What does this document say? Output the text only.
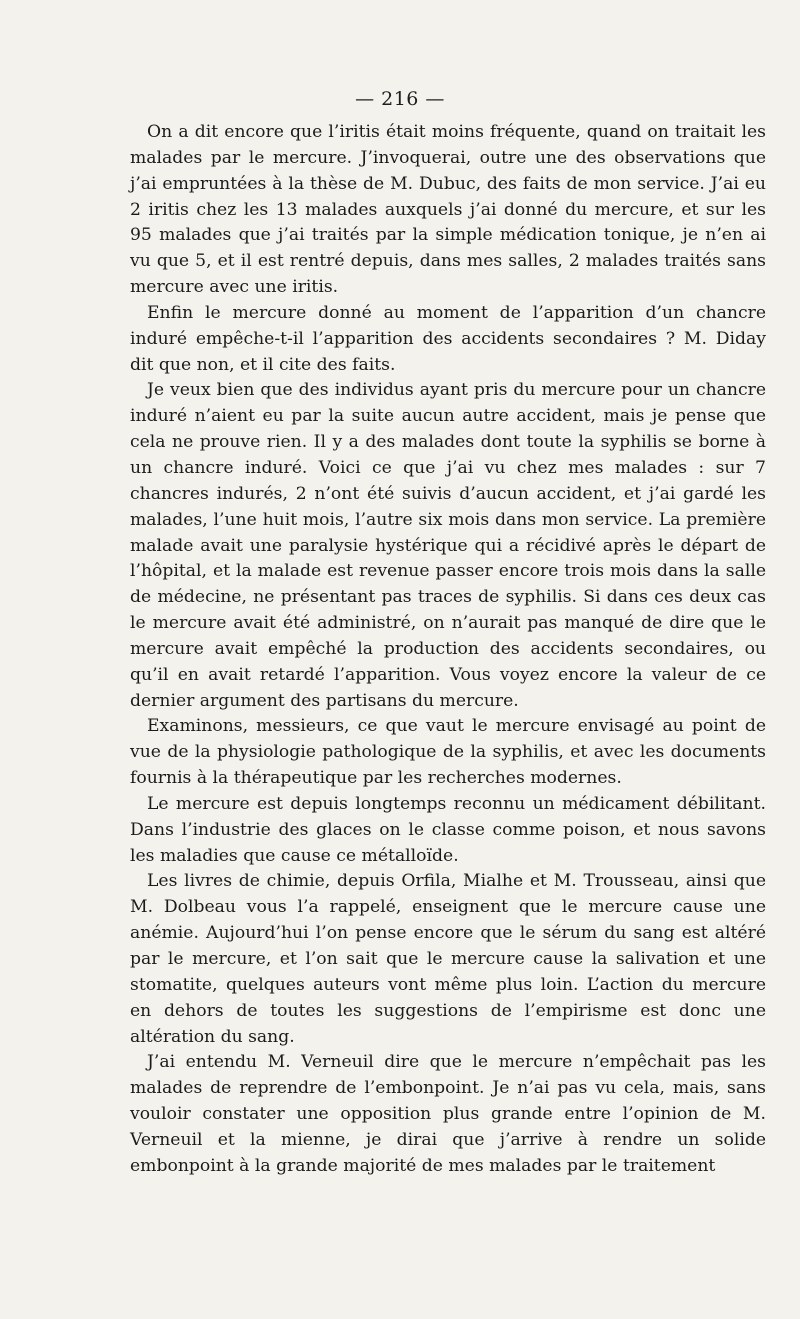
— 216 —

On a dit encore que l’iritis était moins fréquente, quand on traitait les malades par le mercure. J’invoquerai, outre une des observations que j’ai empruntées à la thèse de M. Dubuc, des faits de mon service. J’ai eu 2 iritis chez les 13 malades auxquels j’ai donné du mercure, et sur les 95 malades que j’ai traités par la simple médication tonique, je n’en ai vu que 5, et il est rentré depuis, dans mes salles, 2 malades traités sans mercure avec une iritis.

Enfin le mercure donné au moment de l’apparition d’un chancre induré empêche-t-il l’apparition des accidents secondaires ? M. Diday dit que non, et il cite des faits.

Je veux bien que des individus ayant pris du mercure pour un chancre induré n’aient eu par la suite aucun autre accident, mais je pense que cela ne prouve rien. Il y a des malades dont toute la syphilis se borne à un chancre induré. Voici ce que j’ai vu chez mes malades : sur 7 chancres indurés, 2 n’ont été suivis d’aucun accident, et j’ai gardé les malades, l’une huit mois, l’autre six mois dans mon service. La première malade avait une paralysie hystérique qui a récidivé après le départ de l’hôpital, et la malade est revenue passer encore trois mois dans la salle de médecine, ne présentant pas traces de syphilis. Si dans ces deux cas le mercure avait été administré, on n’aurait pas manqué de dire que le mercure avait empêché la production des accidents secondaires, ou qu’il en avait retardé l’apparition. Vous voyez encore la valeur de ce dernier argument des partisans du mercure.

Examinons, messieurs, ce que vaut le mercure envisagé au point de vue de la physiologie pathologique de la syphilis, et avec les documents fournis à la thérapeutique par les recherches modernes.

Le mercure est depuis longtemps reconnu un médicament débilitant. Dans l’industrie des glaces on le classe comme poison, et nous savons les maladies que cause ce métalloïde.

Les livres de chimie, depuis Orfila, Mialhe et M. Trousseau, ainsi que M. Dolbeau vous l’a rappelé, enseignent que le mercure cause une anémie. Aujourd’hui l’on pense encore que le sérum du sang est altéré par le mercure, et l’on sait que le mercure cause la salivation et une stomatite, quelques auteurs vont même plus loin. L’action du mercure en dehors de toutes les suggestions de l’empirisme est donc une altération du sang.

J’ai entendu M. Verneuil dire que le mercure n’empêchait pas les malades de reprendre de l’embonpoint. Je n’ai pas vu cela, mais, sans vouloir constater une opposition plus grande entre l’opinion de M. Verneuil et la mienne, je dirai que j’arrive à rendre un solide embonpoint à la grande majorité de mes malades par le traitement
